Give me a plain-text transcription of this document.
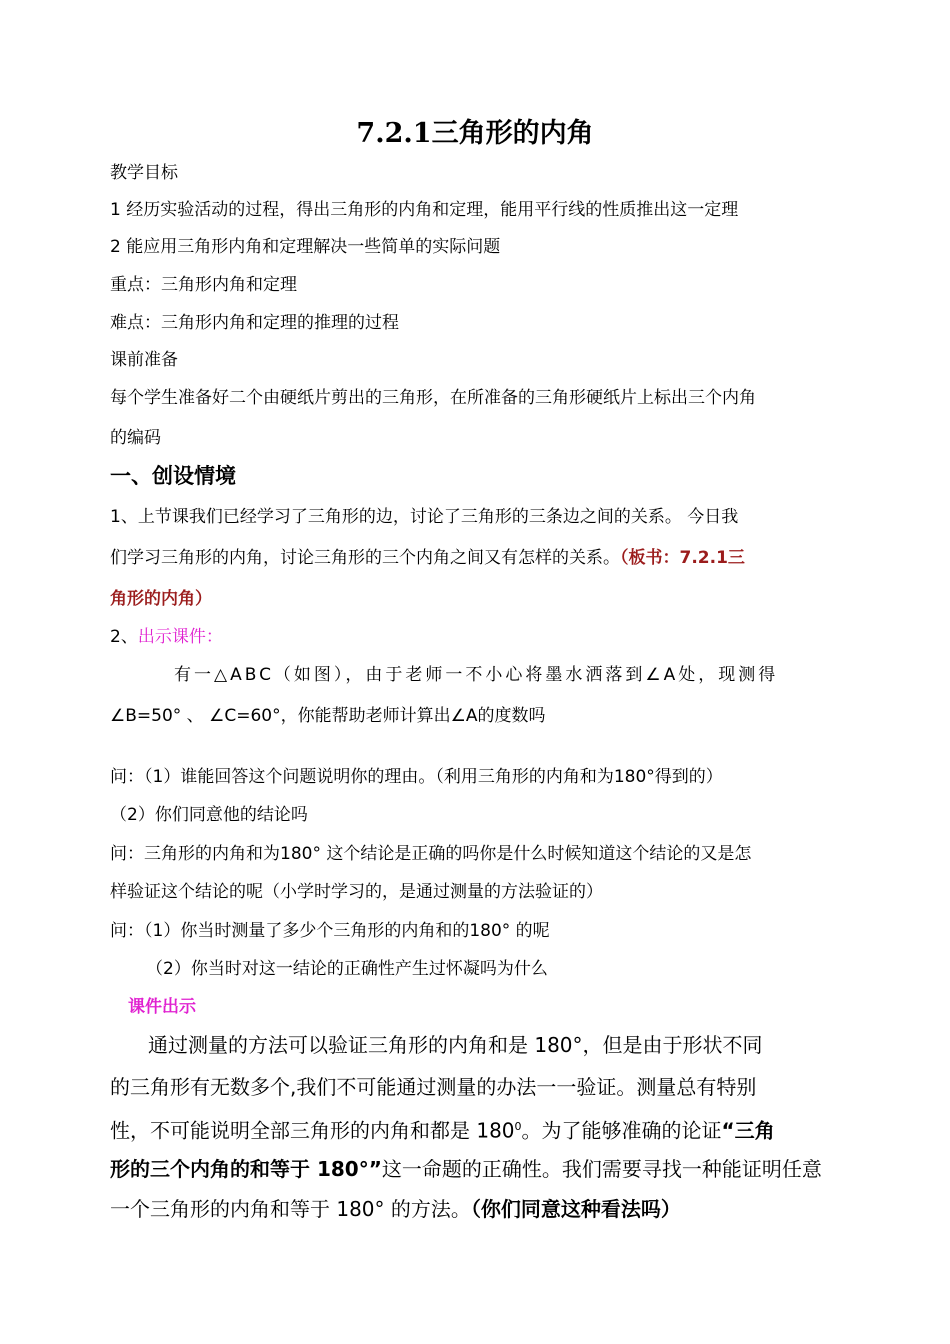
7.2.1三角形的内角
教学目标
1 经历实验活动的过程，得出三角形的内角和定理，能用平行线的性质推出这一定理
2 能应用三角形内角和定理解决一些简单的实际问题
重点：三角形内角和定理
难点：三角形内角和定理的推理的过程
课前准备
每个学生准备好二个由硬纸片剪出的三角形，在所准备的三角形硬纸片上标出三个内角
的编码
一、创设情境
1、上节课我们已经学习了三角形的边，讨论了三角形的三条边之间的关系。 今日我
们学习三角形的内角，讨论三角形的三个内角之间又有怎样的关系。（板书：7.2.1三
角形的内角）
2、出示课件：
有一△ABC（如图），由于老师一不小心将墨水洒落到∠A处，现测得
∠B=50° 、 ∠C=60°，你能帮助老师计算出∠A的度数吗
问：（1）谁能回答这个问题说明你的理由。（利用三角形的内角和为180°得到的）
（2）你们同意他的结论吗
问：三角形的内角和为180° 这个结论是正确的吗你是什么时候知道这个结论的又是怎
样验证这个结论的呢（小学时学习的，是通过测量的方法验证的）
问：（1）你当时测量了多少个三角形的内角和的180° 的呢
（2）你当时对这一结论的正确性产生过怀凝吗为什么
课件出示
通过测量的方法可以验证三角形的内角和是 180°，但是由于形状不同
的三角形有无数多个,我们不可能通过测量的办法一一验证。测量总有特别
性，不可能说明全部三角形的内角和都是 $180^0$。为了能够准确的论证“三角
形的三个内角的和等于 180°”这一命题的正确性。我们需要寻找一种能证明任意
一个三角形的内角和等于 180° 的方法。（你们同意这种看法吗）
